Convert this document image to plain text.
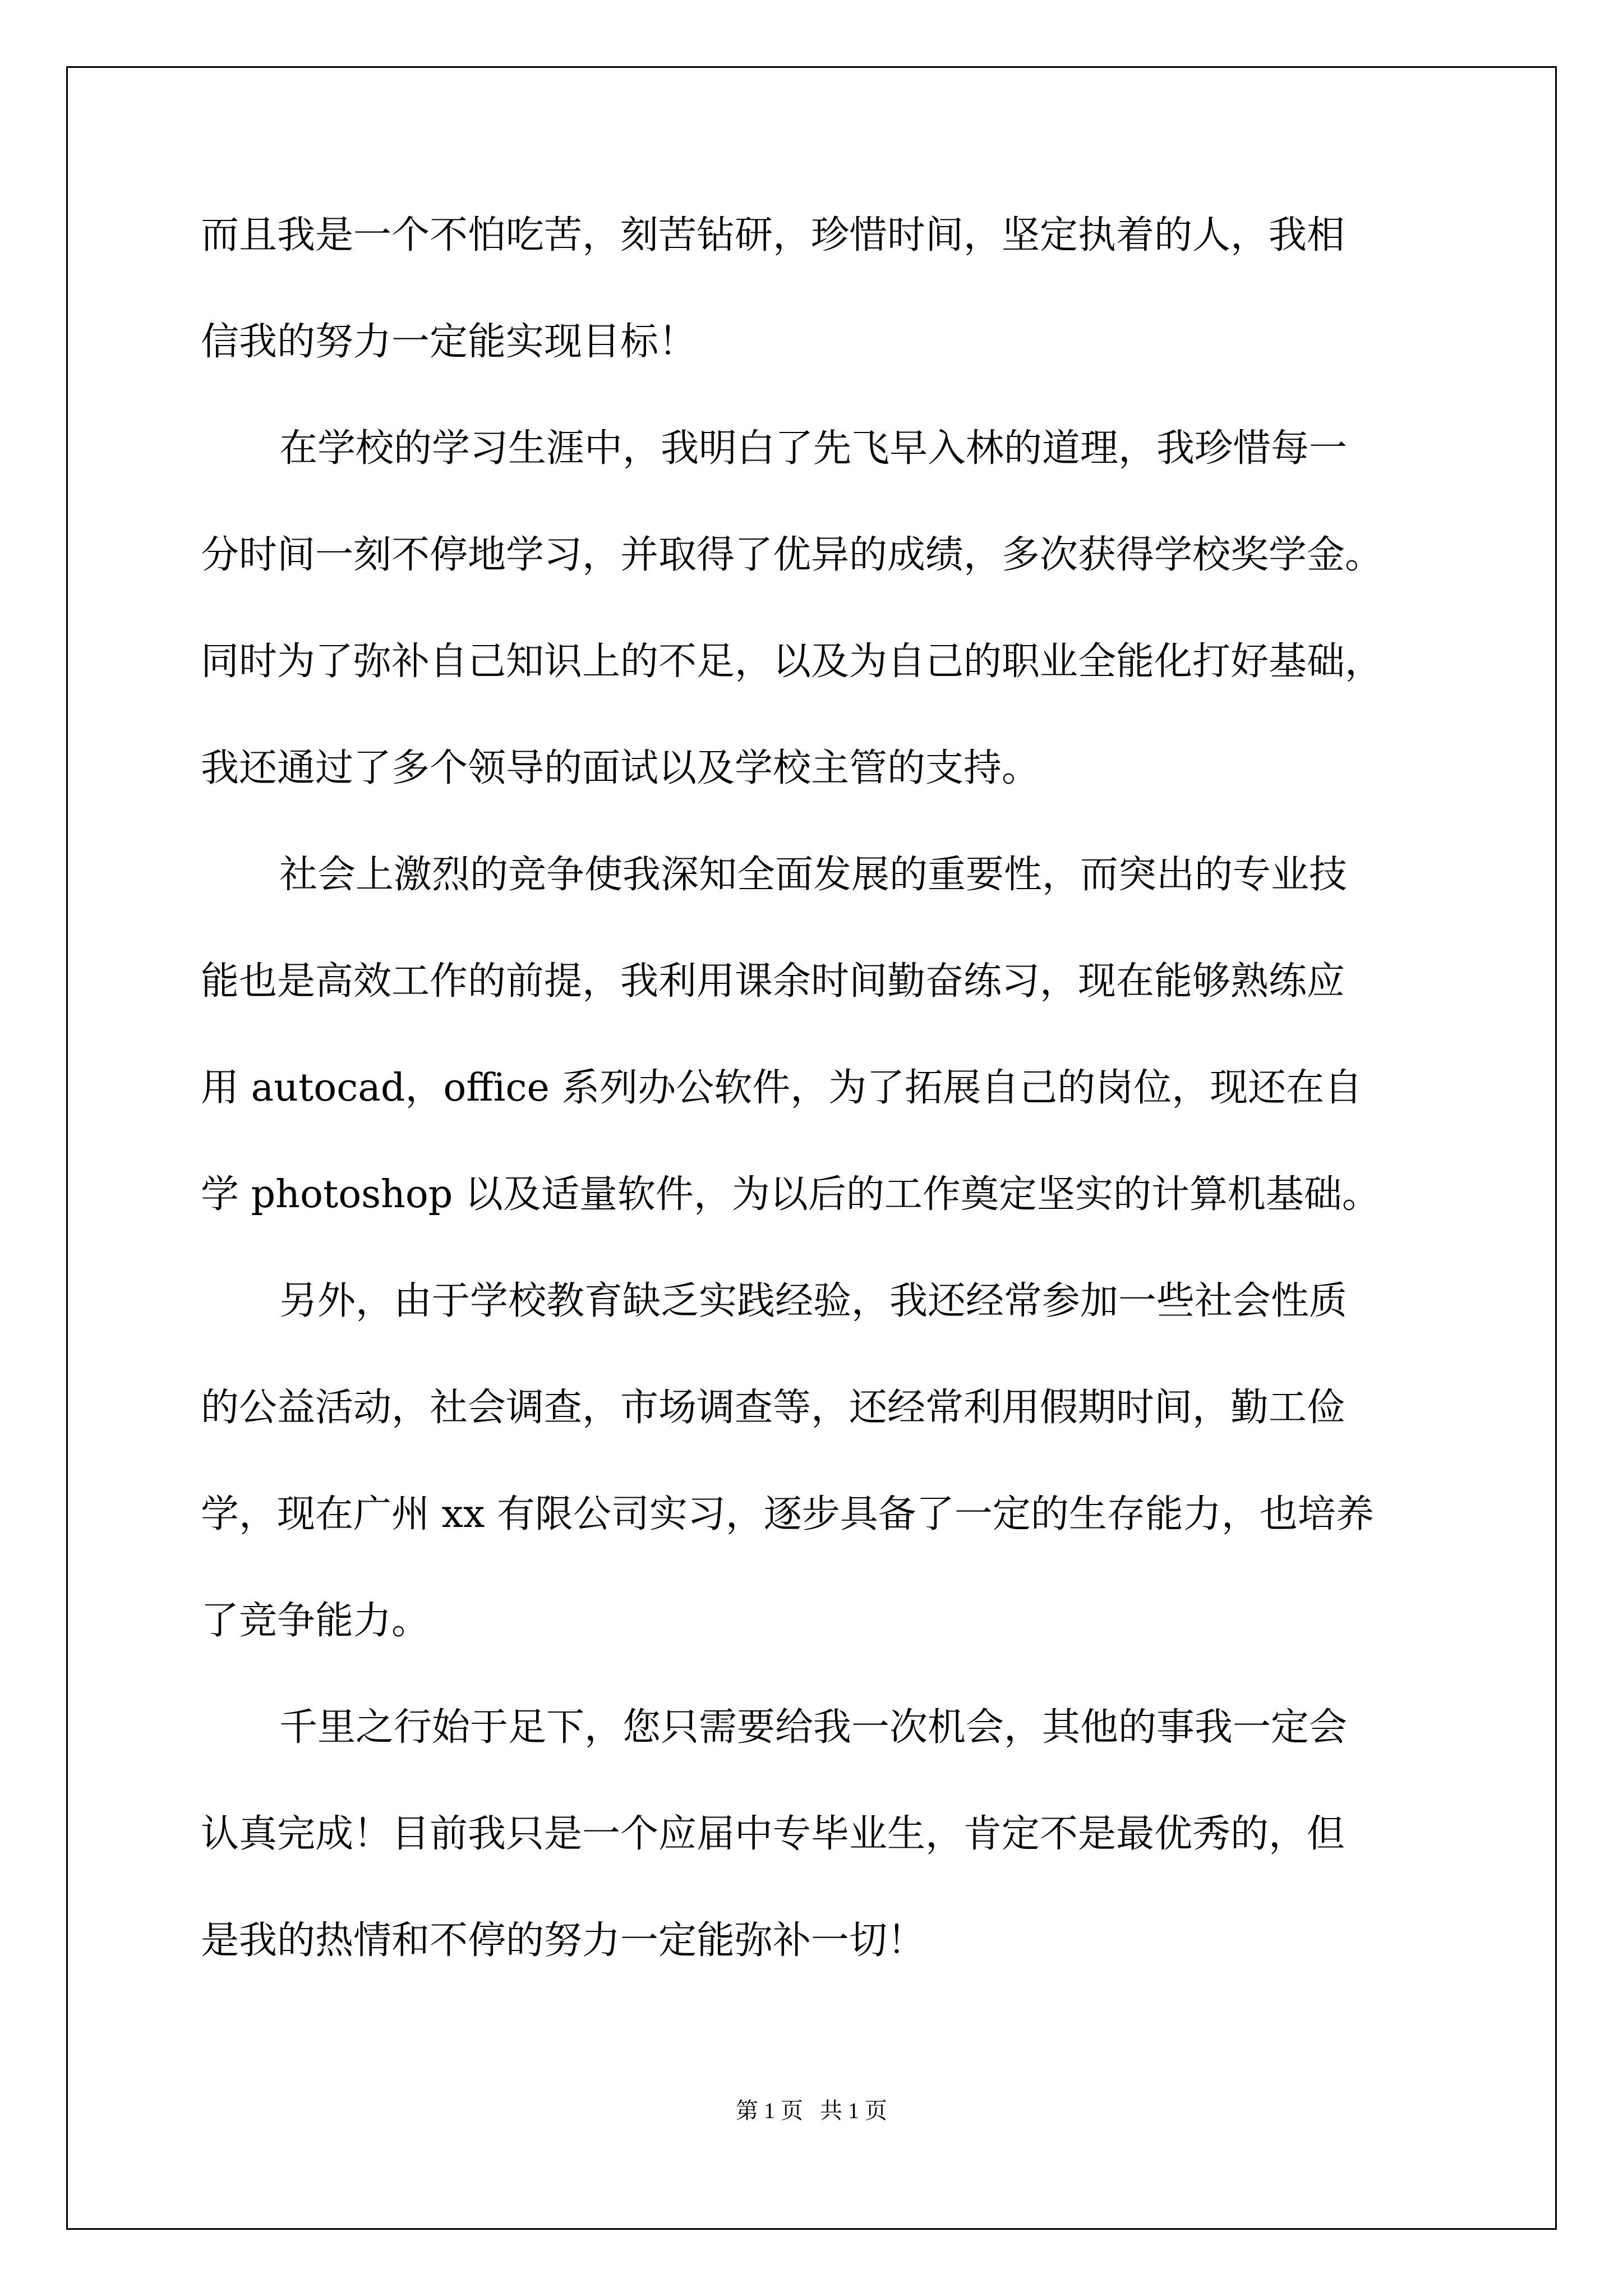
而且我是一个不怕吃苦，刻苦钻研，珍惜时间，坚定执着的人，我相
信我的努力一定能实现目标！
在学校的学习生涯中，我明白了先飞早入林的道理，我珍惜每一
分时间一刻不停地学习，并取得了优异的成绩，多次获得学校奖学金。
同时为了弥补自己知识上的不足，以及为自己的职业全能化打好基础，
我还通过了多个领导的面试以及学校主管的支持。
社会上激烈的竞争使我深知全面发展的重要性，而突出的专业技
能也是高效工作的前提，我利用课余时间勤奋练习，现在能够熟练应
用 autocad，office 系列办公软件，为了拓展自己的岗位，现还在自
学 photoshop 以及适量软件，为以后的工作奠定坚实的计算机基础。
另外，由于学校教育缺乏实践经验，我还经常参加一些社会性质
的公益活动，社会调查，市场调查等，还经常利用假期时间，勤工俭
学，现在广州 xx 有限公司实习，逐步具备了一定的生存能力，也培养
了竞争能力。
千里之行始于足下，您只需要给我一次机会，其他的事我一定会
认真完成！目前我只是一个应届中专毕业生，肯定不是最优秀的，但
是我的热情和不停的努力一定能弥补一切！
第 1 页   共 1 页
